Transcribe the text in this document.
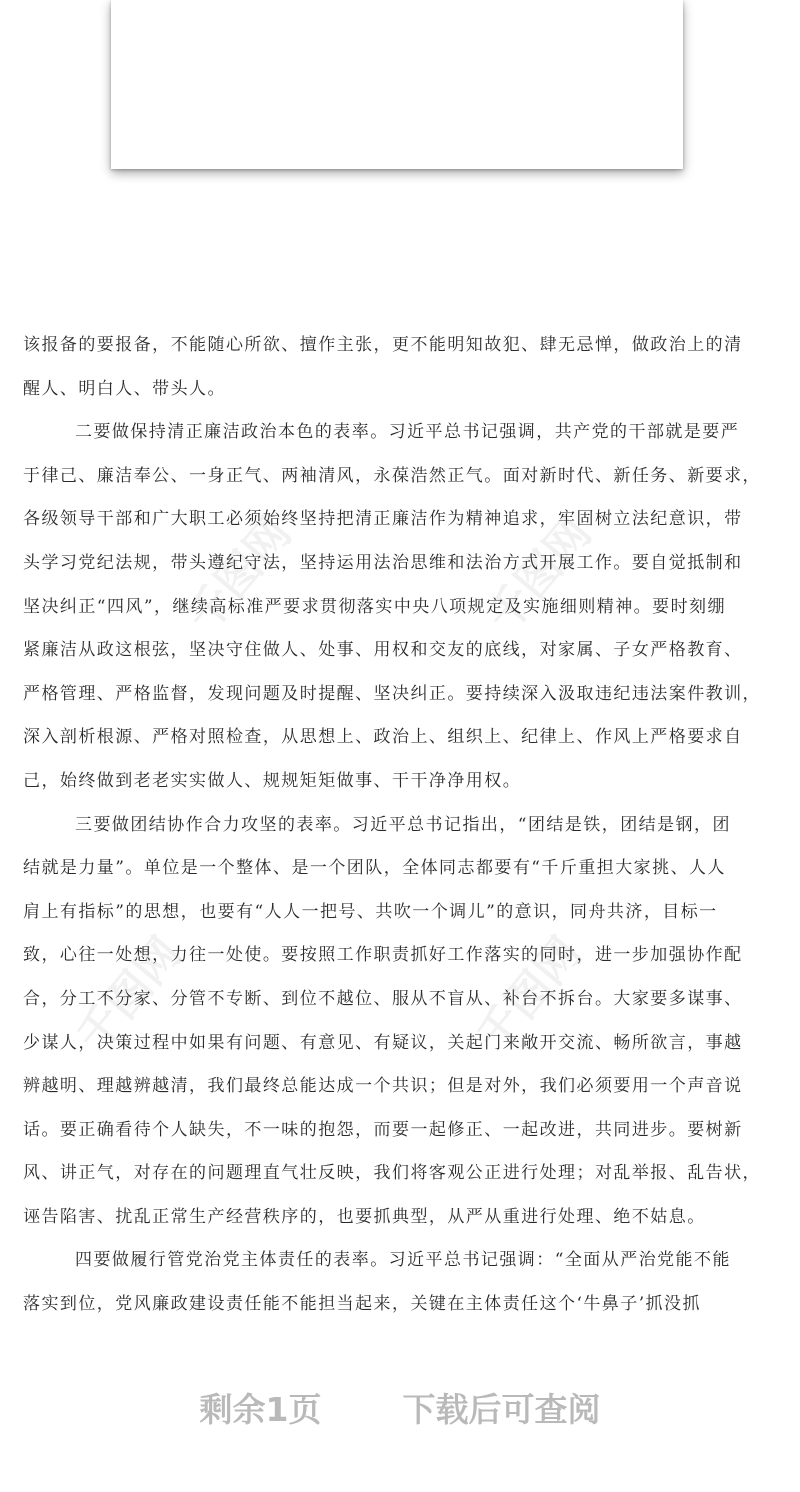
千图网	千图网
千图网	千图网
该报备的要报备，不能随心所欲、擅作主张，更不能明知故犯、肆无忌惮，做政治上的清
醒人、明白人、带头人。
二要做保持清正廉洁政治本色的表率。习近平总书记强调，共产党的干部就是要严
于律己、廉洁奉公、一身正气、两袖清风，永葆浩然正气。面对新时代、新任务、新要求，
各级领导干部和广大职工必须始终坚持把清正廉洁作为精神追求，牢固树立法纪意识，带
头学习党纪法规，带头遵纪守法，坚持运用法治思维和法治方式开展工作。要自觉抵制和
坚决纠正“四风”，继续高标准严要求贯彻落实中央八项规定及实施细则精神。要时刻绷
紧廉洁从政这根弦，坚决守住做人、处事、用权和交友的底线，对家属、子女严格教育、
严格管理、严格监督，发现问题及时提醒、坚决纠正。要持续深入汲取违纪违法案件教训，
深入剖析根源、严格对照检查，从思想上、政治上、组织上、纪律上、作风上严格要求自
己，始终做到老老实实做人、规规矩矩做事、干干净净用权。
三要做团结协作合力攻坚的表率。习近平总书记指出，“团结是铁，团结是钢，团
结就是力量”。单位是一个整体、是一个团队，全体同志都要有“千斤重担大家挑、人人
肩上有指标”的思想，也要有“人人一把号、共吹一个调儿”的意识，同舟共济，目标一
致，心往一处想，力往一处使。要按照工作职责抓好工作落实的同时，进一步加强协作配
合，分工不分家、分管不专断、到位不越位、服从不盲从、补台不拆台。大家要多谋事、
少谋人，决策过程中如果有问题、有意见、有疑议，关起门来敞开交流、畅所欲言，事越
辨越明、理越辨越清，我们最终总能达成一个共识；但是对外，我们必须要用一个声音说
话。要正确看待个人缺失，不一味的抱怨，而要一起修正、一起改进，共同进步。要树新
风、讲正气，对存在的问题理直气壮反映，我们将客观公正进行处理；对乱举报、乱告状，
诬告陷害、扰乱正常生产经营秩序的，也要抓典型，从严从重进行处理、绝不姑息。
四要做履行管党治党主体责任的表率。习近平总书记强调：“全面从严治党能不能
落实到位，党风廉政建设责任能不能担当起来，关键在主体责任这个‘牛鼻子’抓没抓
剩余1页 下载后可查阅
